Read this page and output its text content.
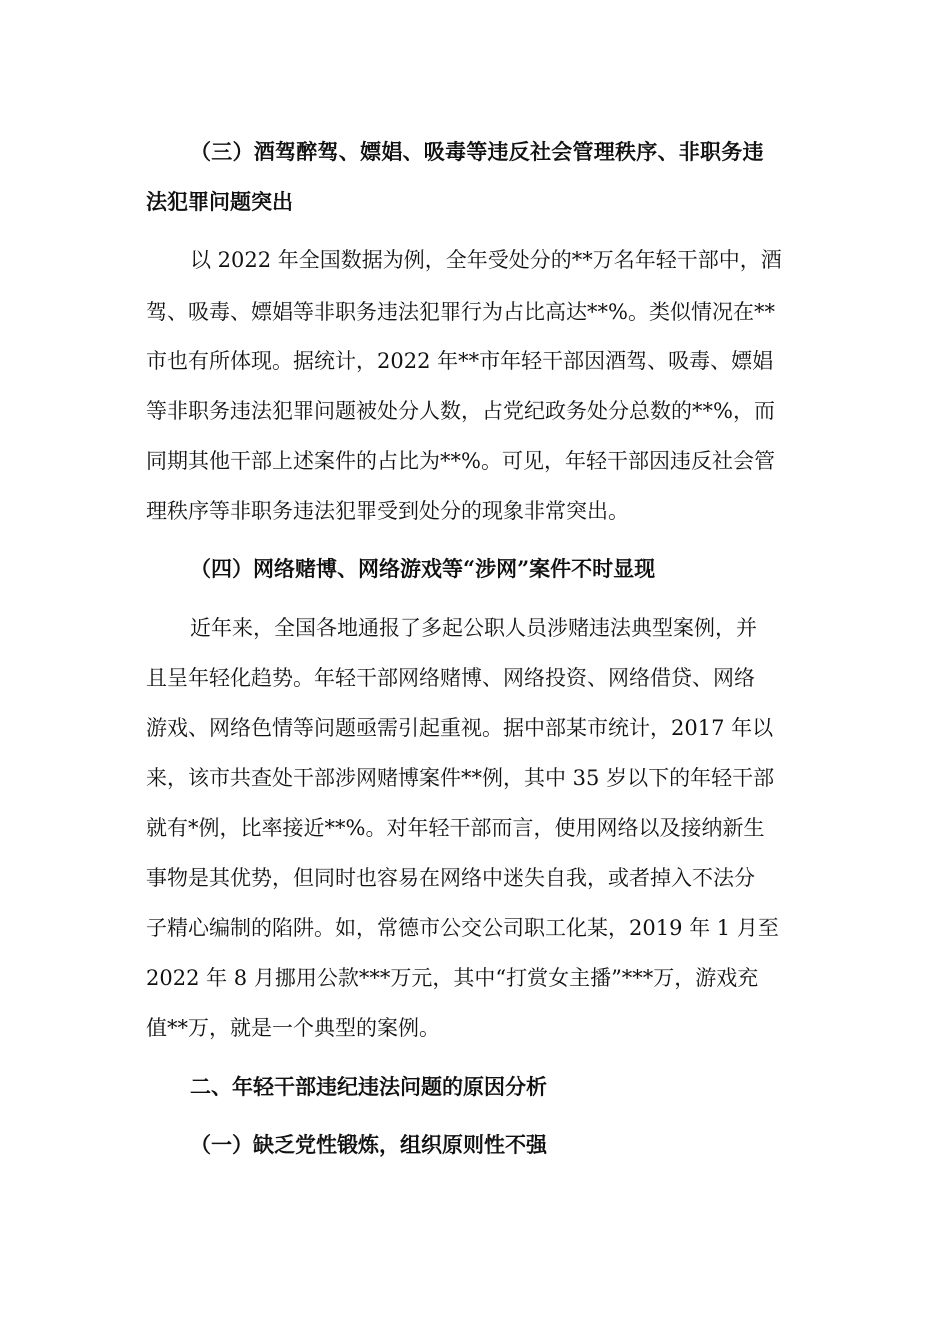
（三）酒驾醉驾、嫖娼、吸毒等违反社会管理秩序、非职务违
法犯罪问题突出
以 2022 年全国数据为例，全年受处分的**万名年轻干部中，酒
驾、吸毒、嫖娼等非职务违法犯罪行为占比高达**%。类似情况在**
市也有所体现。据统计，2022 年**市年轻干部因酒驾、吸毒、嫖娼
等非职务违法犯罪问题被处分人数，占党纪政务处分总数的**%，而
同期其他干部上述案件的占比为**%。可见，年轻干部因违反社会管
理秩序等非职务违法犯罪受到处分的现象非常突出。
（四）网络赌博、网络游戏等“涉网”案件不时显现
近年来，全国各地通报了多起公职人员涉赌违法典型案例，并
且呈年轻化趋势。年轻干部网络赌博、网络投资、网络借贷、网络
游戏、网络色情等问题亟需引起重视。据中部某市统计，2017 年以
来，该市共查处干部涉网赌博案件**例，其中 35 岁以下的年轻干部
就有*例，比率接近**%。对年轻干部而言，使用网络以及接纳新生
事物是其优势，但同时也容易在网络中迷失自我，或者掉入不法分
子精心编制的陷阱。如，常德市公交公司职工化某，2019 年 1 月至
2022 年 8 月挪用公款***万元，其中“打赏女主播”***万，游戏充
值**万，就是一个典型的案例。
二、年轻干部违纪违法问题的原因分析
（一）缺乏党性锻炼，组织原则性不强
